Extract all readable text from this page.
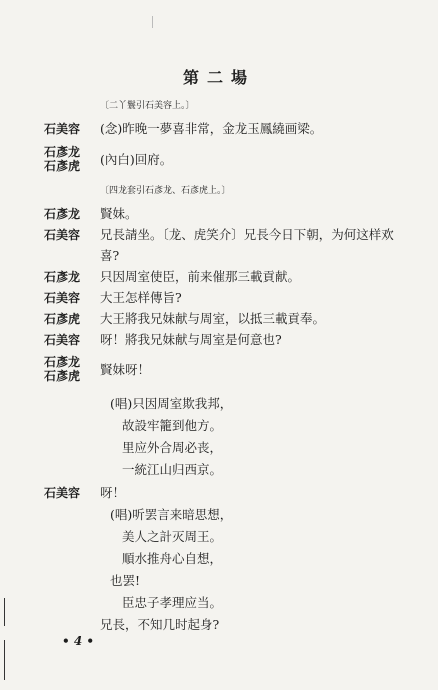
第二場
〔二丫鬟引石美容上。〕
石美容 (念)昨晚一夢喜非常，金龙玉鳳繞画梁。
石彥龙
石彥虎 (內白)回府。
〔四龙套引石彥龙、石彥虎上。〕
石彥龙 賢妹。
石美容 兄長請坐。〔龙、虎笑介〕兄長今日下朝，为何这样欢
喜?
石彥龙 只因周室使臣，前来催那三載貢献。
石美容 大王怎样傳旨?
石彥虎 大王將我兄妹献与周室，以抵三載貢奉。
石美容 呀！將我兄妹献与周室是何意也?
石彥龙
石彥虎 賢妹呀！
(唱)只因周室欺我邦，
故設牢籠到他方。
里应外合周必丧，
一統江山归西京。
石美容 呀！
(唱)听罢言来暗思想，
美人之計灭周王。
順水推舟心自想，
也罢!
臣忠子孝理应当。
兄長，不知几时起身?
• 4 •
